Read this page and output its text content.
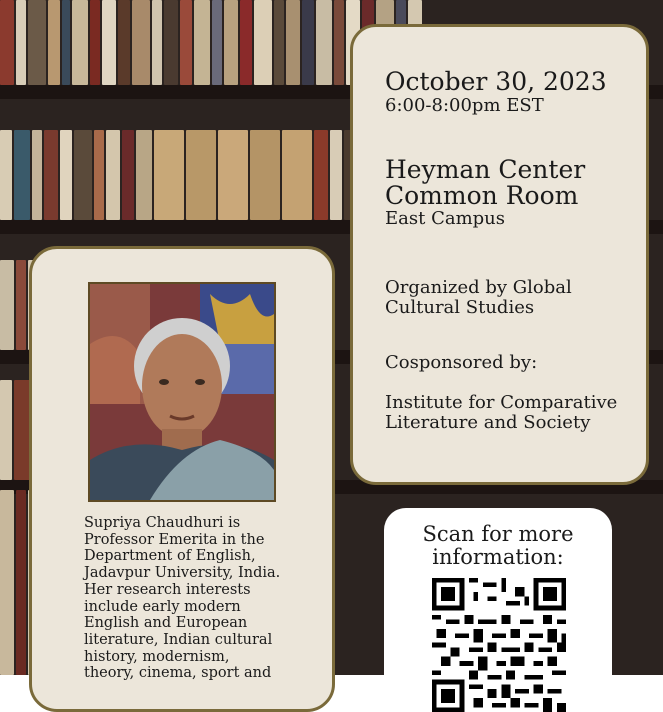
October 30, 2023
6:00-8:00pm EST
Heyman Center
Common Room
East Campus
Organized by Global
Cultural Studies
Cosponsored by:
Institute for Comparative
Literature and Society
Supriya Chaudhuri is
Professor Emerita in the
Department of English,
Jadavpur University, India.
Her research interests
include early modern
English and European
literature, Indian cultural
history, modernism,
theory, cinema, sport and
Scan for more
information:
